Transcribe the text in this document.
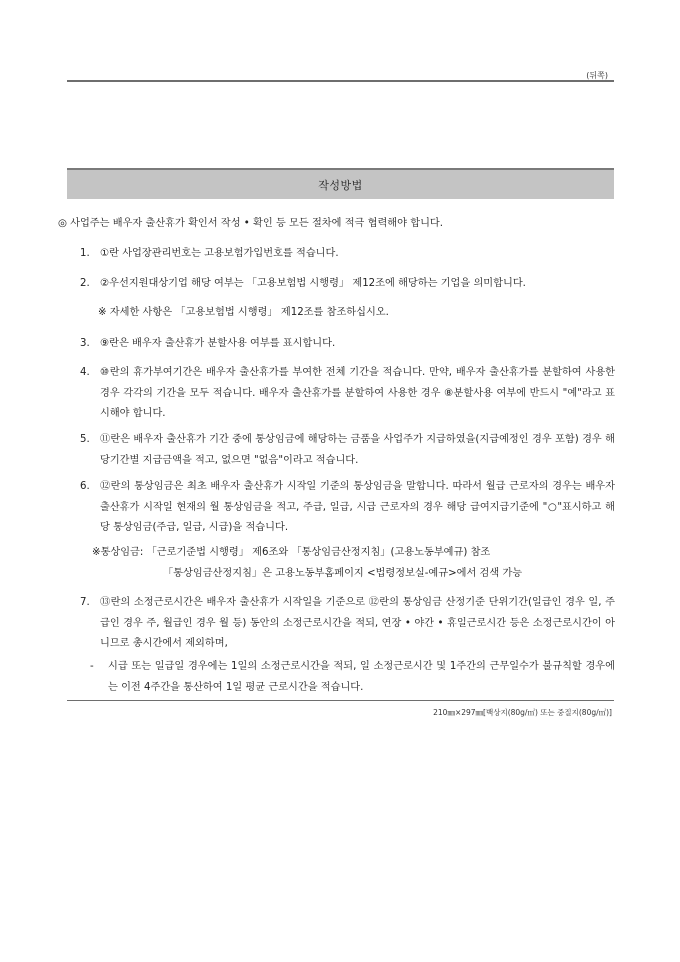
(뒤쪽)
작성방법
◎ 사업주는 배우자 출산휴가 확인서 작성 • 확인 등 모든 절차에 적극 협력해야 합니다.
1.	①란 사업장관리번호는 고용보험가입번호를 적습니다.
2.	②우선지원대상기업 해당 여부는 「고용보험법 시행령」 제12조에 해당하는 기업을 의미합니다.
※ 자세한 사항은 「고용보험법 시행령」 제12조를 참조하십시오.
3.	⑨란은 배우자 출산휴가 분할사용 여부를 표시합니다.
4.	⑩란의 휴가부여기간은 배우자 출산휴가를 부여한 전체 기간을 적습니다. 만약, 배우자 출산휴가를 분할하여 사용한 경우 각각의 기간을 모두 적습니다. 배우자 출산휴가를 분할하여 사용한 경우 ⑧분할사용 여부에 반드시 "예"라고 표시해야 합니다.
5.	⑪란은 배우자 출산휴가 기간 중에 통상임금에 해당하는 금품을 사업주가 지급하였을(지급예정인 경우 포함) 경우 해당기간별 지급금액을 적고, 없으면 "없음"이라고 적습니다.
6.	⑫란의 통상임금은 최초 배우자 출산휴가 시작일 기준의 통상임금을 말합니다. 따라서 월급 근로자의 경우는 배우자 출산휴가 시작일 현재의 월 통상임금을 적고, 주급, 일급, 시급 근로자의 경우 해당 급여지급기준에 "○"표시하고 해당 통상임금(주급, 일급, 시급)을 적습니다.
※통상임금: 「근로기준법 시행령」 제6조와 「통상임금산정지침」(고용노동부예규) 참조
「통상임금산정지침」은 고용노동부홈페이지 <법령정보실-예규>에서 검색 가능
7.	⑬란의 소정근로시간은 배우자 출산휴가 시작일을 기준으로 ⑫란의 통상임금 산정기준 단위기간(일급인 경우 일, 주급인 경우 주, 월급인 경우 월 등) 동안의 소정근로시간을 적되, 연장 • 야간 • 휴일근로시간 등은 소정근로시간이 아니므로 총시간에서 제외하며,
-	시급 또는 일급일 경우에는 1일의 소정근로시간을 적되, 일 소정근로시간 및 1주간의 근무일수가 불규칙할 경우에는 이전 4주간을 통산하여 1일 평균 근로시간을 적습니다.
210㎜×297㎜[백상지(80g/㎡) 또는 중질지(80g/㎡)]
